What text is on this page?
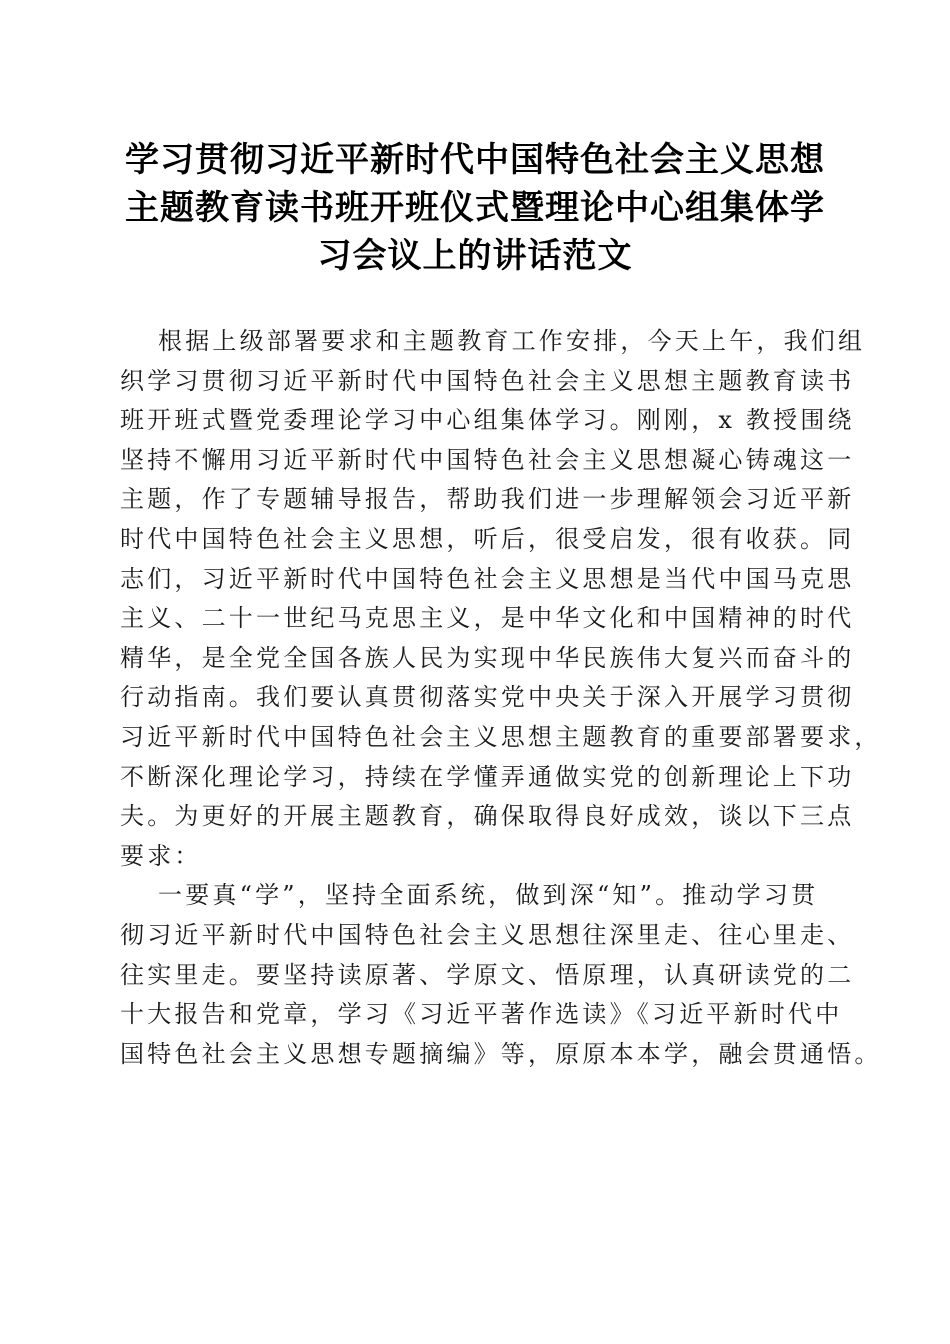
学习贯彻习近平新时代中国特色社会主义思想
主题教育读书班开班仪式暨理论中心组集体学
习会议上的讲话范文
根据上级部署要求和主题教育工作安排，今天上午，我们组
织学习贯彻习近平新时代中国特色社会主义思想主题教育读书
班开班式暨党委理论学习中心组集体学习。刚刚，x 教授围绕
坚持不懈用习近平新时代中国特色社会主义思想凝心铸魂这一
主题，作了专题辅导报告，帮助我们进一步理解领会习近平新
时代中国特色社会主义思想，听后，很受启发，很有收获。同
志们，习近平新时代中国特色社会主义思想是当代中国马克思
主义、二十一世纪马克思主义，是中华文化和中国精神的时代
精华，是全党全国各族人民为实现中华民族伟大复兴而奋斗的
行动指南。我们要认真贯彻落实党中央关于深入开展学习贯彻
习近平新时代中国特色社会主义思想主题教育的重要部署要求，
不断深化理论学习，持续在学懂弄通做实党的创新理论上下功
夫。为更好的开展主题教育，确保取得良好成效，谈以下三点
要求：
一要真“学”，坚持全面系统，做到深“知”。推动学习贯
彻习近平新时代中国特色社会主义思想往深里走、往心里走、
往实里走。要坚持读原著、学原文、悟原理，认真研读党的二
十大报告和党章，学习《习近平著作选读》《习近平新时代中
国特色社会主义思想专题摘编》等，原原本本学，融会贯通悟。
